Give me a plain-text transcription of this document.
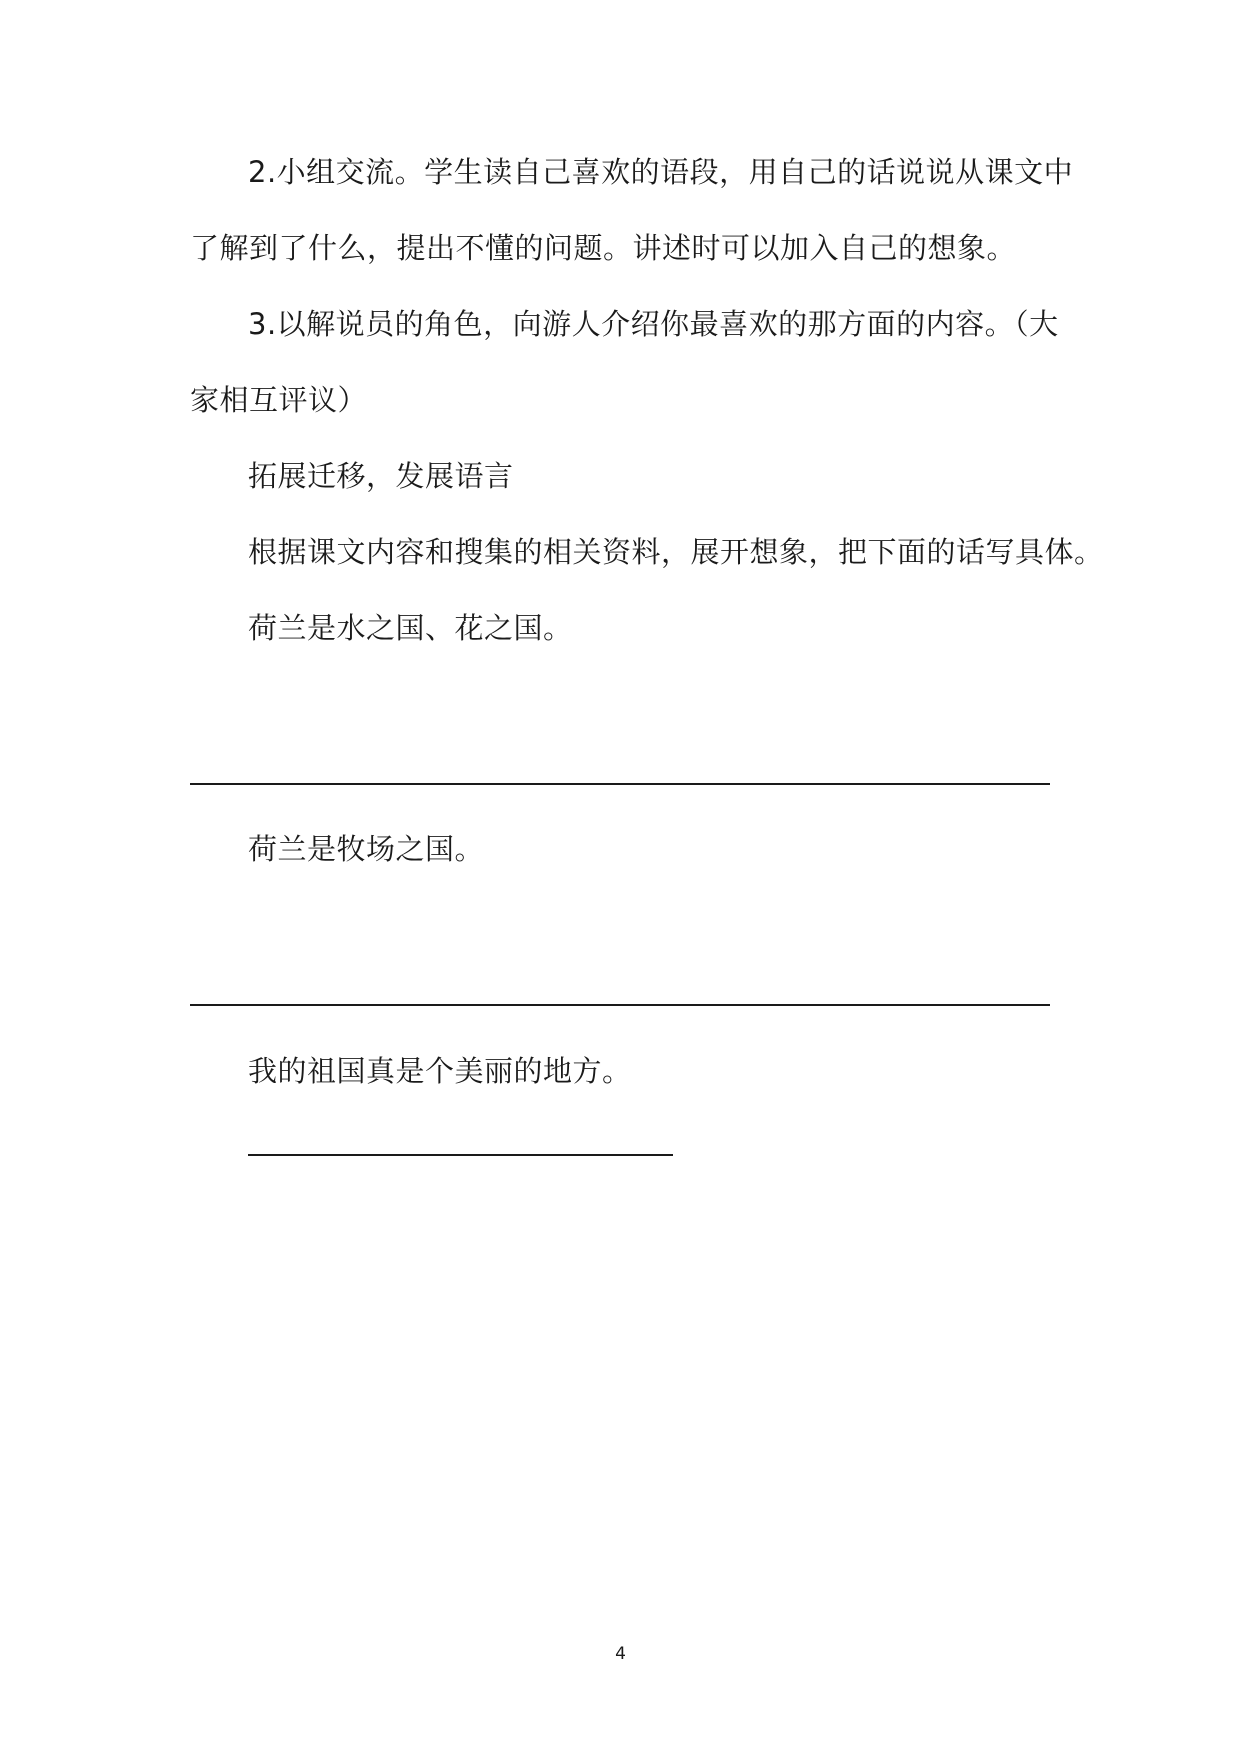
2.小组交流。学生读自己喜欢的语段，用自己的话说说从课文中
了解到了什么，提出不懂的问题。讲述时可以加入自己的想象。
3.以解说员的角色，向游人介绍你最喜欢的那方面的内容。（大
家相互评议）
拓展迁移，发展语言
根据课文内容和搜集的相关资料，展开想象，把下面的话写具体。
荷兰是水之国、花之国。
荷兰是牧场之国。
我的祖国真是个美丽的地方。
4
